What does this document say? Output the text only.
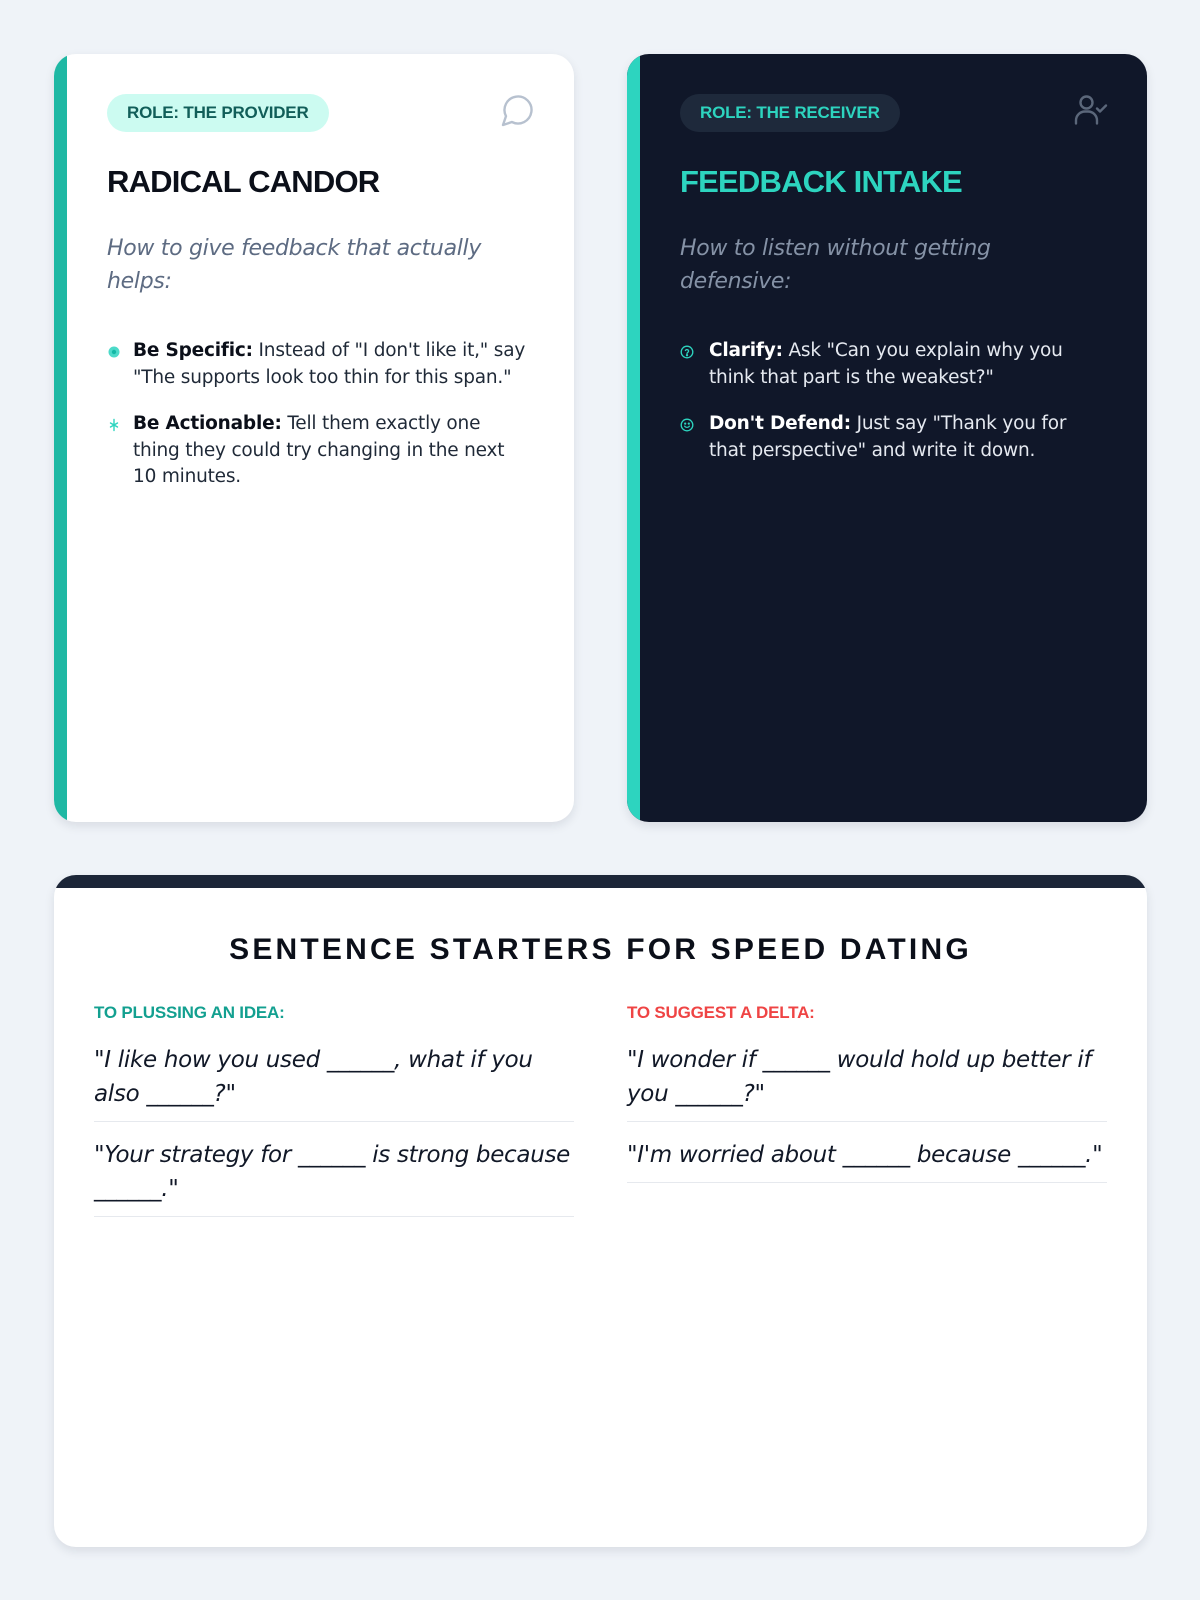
ROLE: THE PROVIDER
RADICAL CANDOR
How to give feedback that actually helps:
Be Specific: Instead of "I don't like it," say "The supports look too thin for this span."
Be Actionable: Tell them exactly one thing they could try changing in the next 10 minutes.
ROLE: THE RECEIVER
FEEDBACK INTAKE
How to listen without getting defensive:
Clarify: Ask "Can you explain why you think that part is the weakest?"
Don't Defend: Just say "Thank you for that perspective" and write it down.
SENTENCE STARTERS FOR SPEED DATING
TO PLUSSING AN IDEA:
"I like how you used ______, what if you also ______?"
"Your strategy for ______ is strong because ______."
TO SUGGEST A DELTA:
"I wonder if ______ would hold up better if you ______?"
"I'm worried about ______ because ______."
